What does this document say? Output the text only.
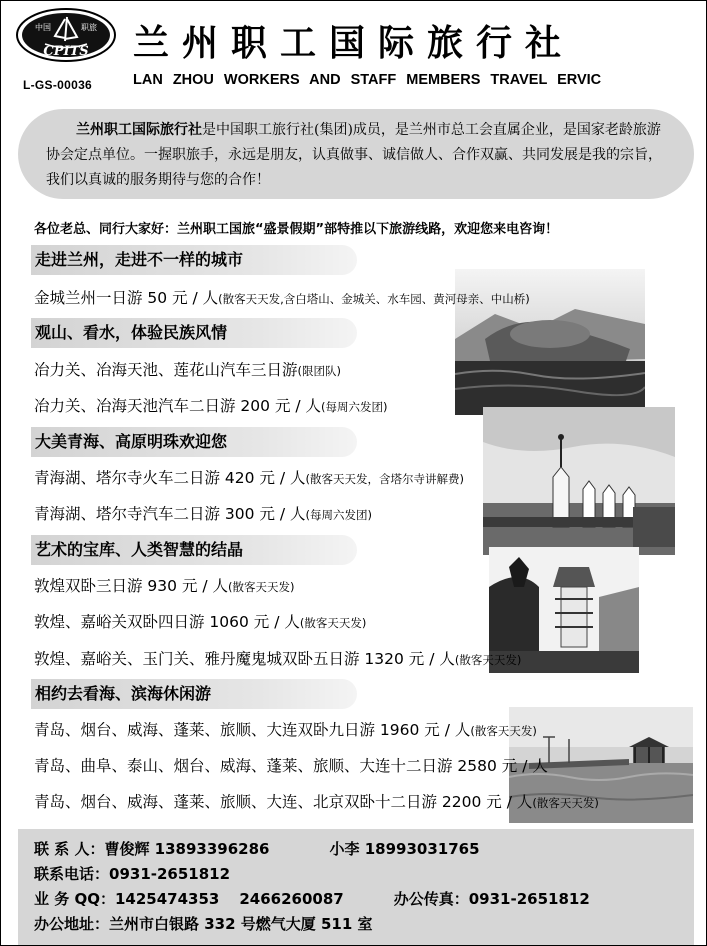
中国	职旅
CPITS
L-GS-00036
兰州职工国际旅行社
LAN ZHOU WORKERS AND STAFF MEMBERS TRAVEL ERVIC
兰州职工国际旅行社是中国职工旅行社(集团)成员，是兰州市总工会直属企业，是国家老龄旅游协会定点单位。一握职旅手，永远是朋友，认真做事、诚信做人、合作双赢、共同发展是我的宗旨，我们以真诚的服务期待与您的合作！
各位老总、同行大家好：兰州职工国旅“盛景假期”部特推以下旅游线路，欢迎您来电咨询！
走进兰州，走进不一样的城市
金城兰州一日游 50 元 / 人(散客天天发,含白塔山、金城关、水车园、黄河母亲、中山桥)
观山、看水，体验民族风情
冶力关、冶海天池、莲花山汽车三日游(限团队)
冶力关、冶海天池汽车二日游 200 元 / 人(每周六发团)
大美青海、高原明珠欢迎您
青海湖、塔尔寺火车二日游 420 元 / 人(散客天天发，含塔尔寺讲解费)
青海湖、塔尔寺汽车二日游 300 元 / 人(每周六发团)
艺术的宝库、人类智慧的结晶
敦煌双卧三日游 930 元 / 人(散客天天发)
敦煌、嘉峪关双卧四日游 1060 元 / 人(散客天天发)
敦煌、嘉峪关、玉门关、雅丹魔鬼城双卧五日游 1320 元 / 人(散客天天发)
相约去看海、滨海休闲游
青岛、烟台、威海、蓬莱、旅顺、大连双卧九日游 1960 元 / 人(散客天天发)
青岛、曲阜、泰山、烟台、威海、蓬莱、旅顺、大连十二日游 2580 元 / 人
青岛、烟台、威海、蓬莱、旅顺、大连、北京双卧十二日游 2200 元 / 人(散客天天发)
联 系 人：曹俊辉 13893396286	小李 18993031765
联系电话：0931-2651812
业 务 QQ：1425474353 2466260087	办公传真：0931-2651812
办公地址：兰州市白银路 332 号燃气大厦 511 室
